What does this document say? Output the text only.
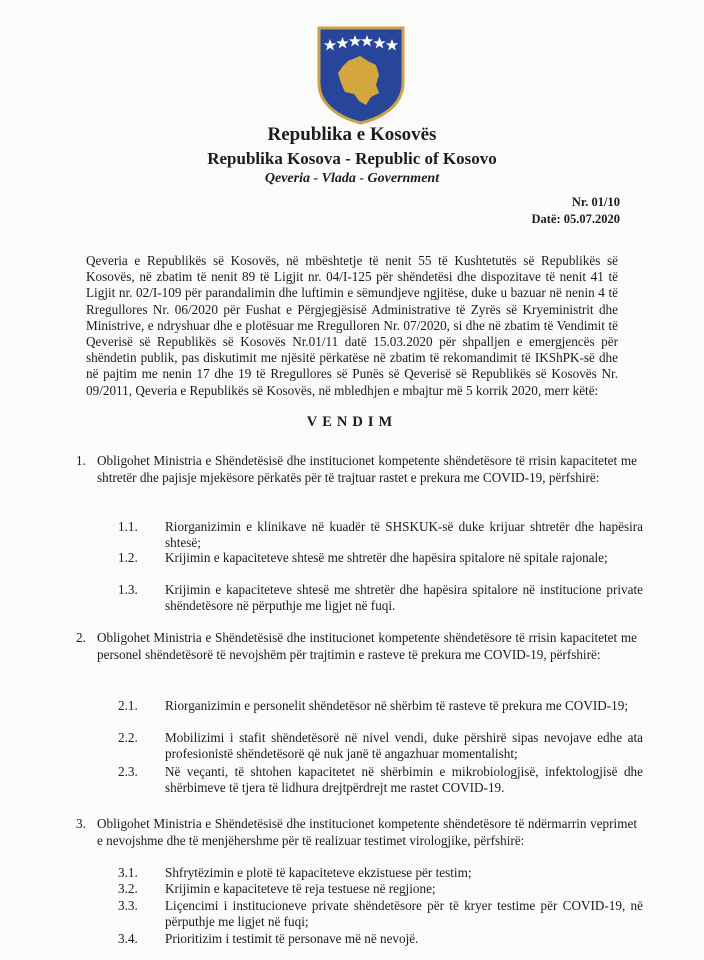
Republika e Kosovës
Republika Kosova - Republic of Kosovo
Qeveria - Vlada - Government
Nr. 01/10
Datë: 05.07.2020

Qeveria e Republikës së Kosovës, në mbështetje të nenit 55 të Kushtetutës së Republikës së Kosovës, në zbatim të nenit 89 të Ligjit nr. 04/I-125 për shëndetësi dhe dispozitave të nenit 41 të Ligjit nr. 02/I-109 për parandalimin dhe luftimin e sëmundjeve ngjitëse, duke u bazuar në nenin 4 të Rregullores Nr. 06/2020 për Fushat e Përgjegjësisë Administrative të Zyrës së Kryeministrit dhe Ministrive, e ndryshuar dhe e plotësuar me Rregulloren Nr. 07/2020, si dhe në zbatim të Vendimit të Qeverisë së Republikës së Kosovës Nr.01/11 datë 15.03.2020 për shpalljen e emergjencës për shëndetin publik, pas diskutimit me njësitë përkatëse në zbatim të rekomandimit të IKShPK-së dhe në pajtim me nenin 17 dhe 19 të Rregullores së Punës së Qeverisë së Republikës së Kosovës Nr. 09/2011, Qeveria e Republikës së Kosovës, në mbledhjen e mbajtur më 5 korrik 2020, merr këtë:

VENDIM
1. Obligohet Ministria e Shëndetësisë dhe institucionet kompetente shëndetësore të rrisin kapacitetet me shtretër dhe pajisje mjekësore përkatës për të trajtuar rastet e prekura me COVID-19, përfshirë:

1.1. Riorganizimin e klinikave në kuadër të SHSKUK-së duke krijuar shtretër dhe hapësira shtesë;

1.2. Krijimin e kapaciteteve shtesë me shtretër dhe hapësira spitalore në spitale rajonale;

1.3. Krijimin e kapaciteteve shtesë me shtretër dhe hapësira spitalore në institucione private shëndetësore në përputhje me ligjet në fuqi.

2. Obligohet Ministria e Shëndetësisë dhe institucionet kompetente shëndetësore të rrisin kapacitetet me personel shëndetësorë të nevojshëm për trajtimin e rasteve të prekura me COVID-19, përfshirë:

2.1. Riorganizimin e personelit shëndetësor në shërbim të rasteve të prekura me COVID-19;

2.2. Mobilizimi i stafit shëndetësorë në nivel vendi, duke përshirë sipas nevojave edhe ata profesionistë shëndetësorë që nuk janë të angazhuar momentalisht;

2.3. Në veçanti, të shtohen kapacitetet në shërbimin e mikrobiologjisë, infektologjisë dhe shërbimeve të tjera të lidhura drejtpërdrejt me rastet COVID-19.

3. Obligohet Ministria e Shëndetësisë dhe institucionet kompetente shëndetësore të ndërmarrin veprimet e nevojshme dhe të menjëhershme për të realizuar testimet virologjike, përfshirë:

3.1. Shfrytëzimin e plotë të kapaciteteve ekzistuese për testim;

3.2. Krijimin e kapaciteteve të reja testuese në regjione;

3.3. Liçencimi i institucioneve private shëndetësore për të kryer testime për COVID-19, në përputhje me ligjet në fuqi;

3.4. Prioritizim i testimit të personave më në nevojë.
